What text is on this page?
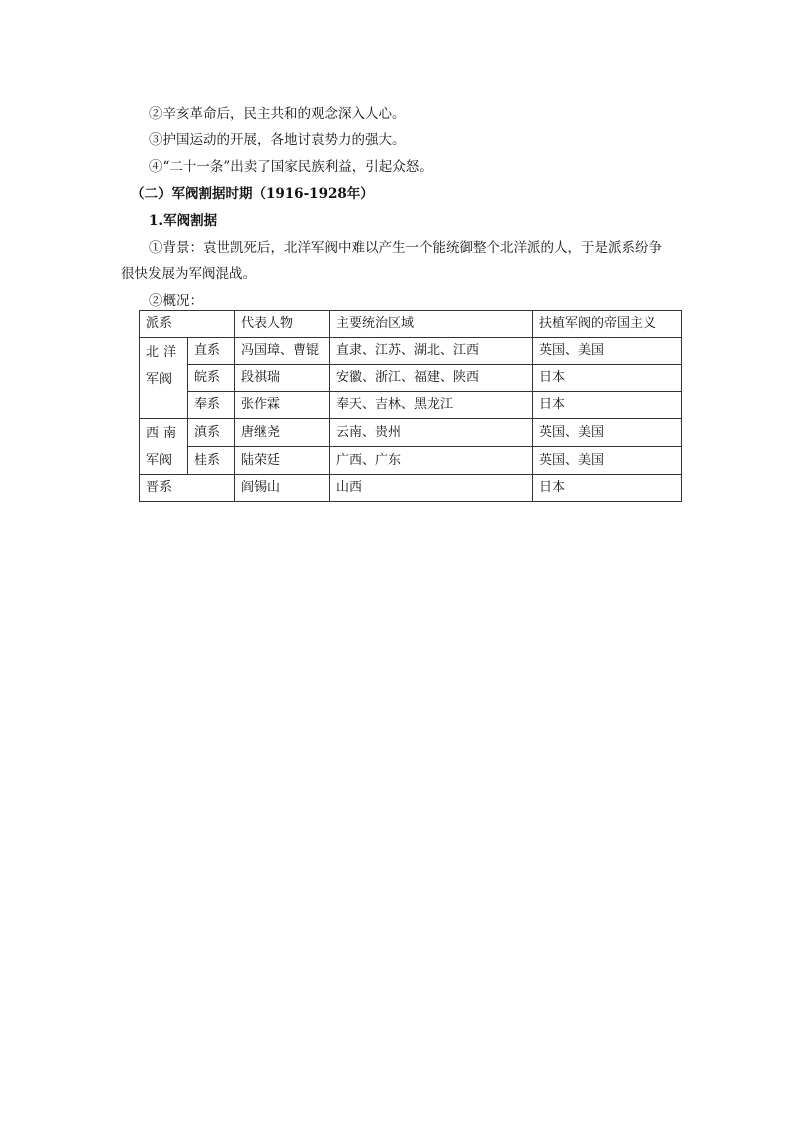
②辛亥革命后，民主共和的观念深入人心。
③护国运动的开展，各地讨袁势力的强大。
④“二十一条”出卖了国家民族利益，引起众怒。
（二）军阀割据时期（1916-1928年）
1.军阀割据
①背景：袁世凯死后，北洋军阀中难以产生一个能统御整个北洋派的人，于是派系纷争
很快发展为军阀混战。
②概况：
派系		代表人物	主要统治区域	扶植军阀的帝国主义

北 洋
军阀	直系	冯国璋、曹锟	直隶、江苏、湖北、江西	英国、美国
	皖系	段祺瑞	安徽、浙江、福建、陕西	日本
	奉系	张作霖	奉天、吉林、黑龙江	日本

西 南
军阀	滇系	唐继尧	云南、贵州	英国、美国
	桂系	陆荣廷	广西、广东	英国、美国
晋系		阎锡山	山西	日本
